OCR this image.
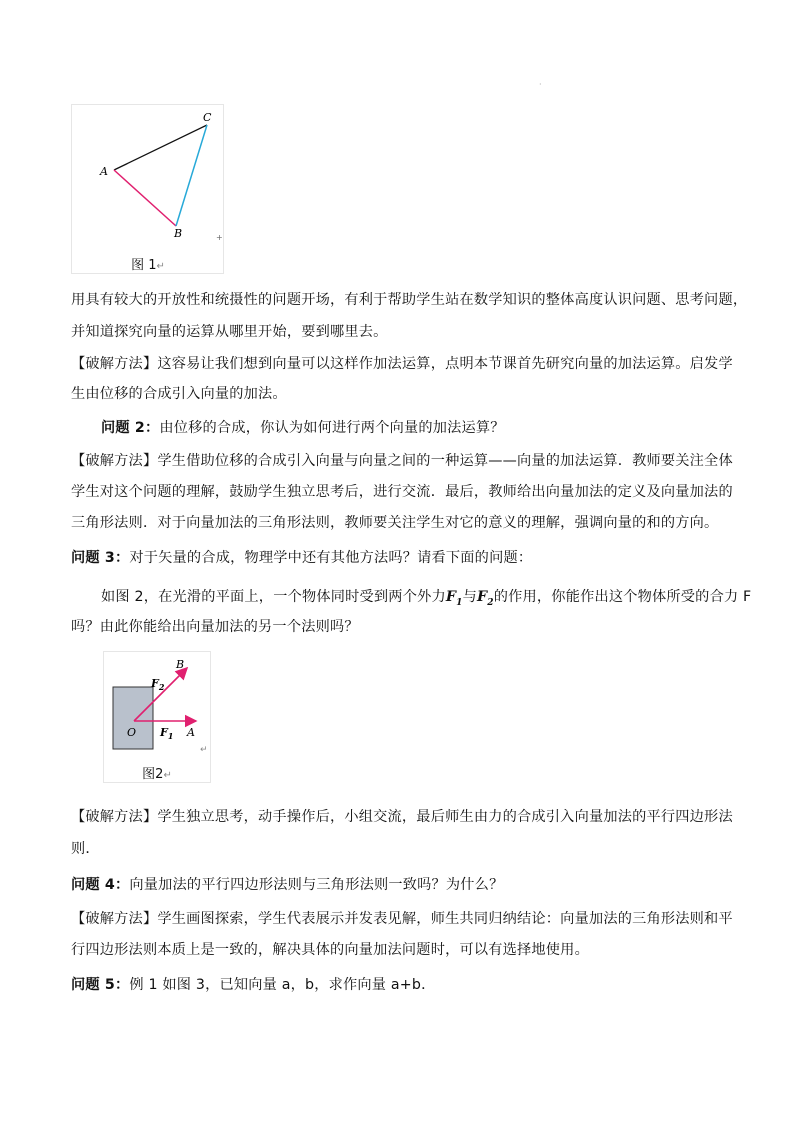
·
A
B
C
+
图 1↵
用具有较大的开放性和统摄性的问题开场，有利于帮助学生站在数学知识的整体高度认识问题、思考问题，
并知道探究向量的运算从哪里开始，要到哪里去。
【破解方法】这容易让我们想到向量可以这样作加法运算，点明本节课首先研究向量的加法运算。启发学
生由位移的合成引入向量的加法。
问题 2：由位移的合成，你认为如何进行两个向量的加法运算？
【破解方法】学生借助位移的合成引入向量与向量之间的一种运算——向量的加法运算．教师要关注全体
学生对这个问题的理解，鼓励学生独立思考后，进行交流．最后，教师给出向量加法的定义及向量加法的
三角形法则．对于向量加法的三角形法则，教师要关注学生对它的意义的理解，强调向量的和的方向。
问题 3：对于矢量的合成，物理学中还有其他方法吗？请看下面的问题：
如图 2，在光滑的平面上，一个物体同时受到两个外力$F_1$与$F_2$的作用，你能作出这个物体所受的合力 F
吗？由此你能给出向量加法的另一个法则吗？
B
$F_2$
O $F_1$ A
↵
图2↵
【破解方法】学生独立思考，动手操作后，小组交流，最后师生由力的合成引入向量加法的平行四边形法
则．
问题 4：向量加法的平行四边形法则与三角形法则一致吗？为什么？
【破解方法】学生画图探索，学生代表展示并发表见解，师生共同归纳结论：向量加法的三角形法则和平
行四边形法则本质上是一致的，解决具体的向量加法问题时，可以有选择地使用。
问题 5：例 1 如图 3，已知向量 a，b，求作向量 a+b．
